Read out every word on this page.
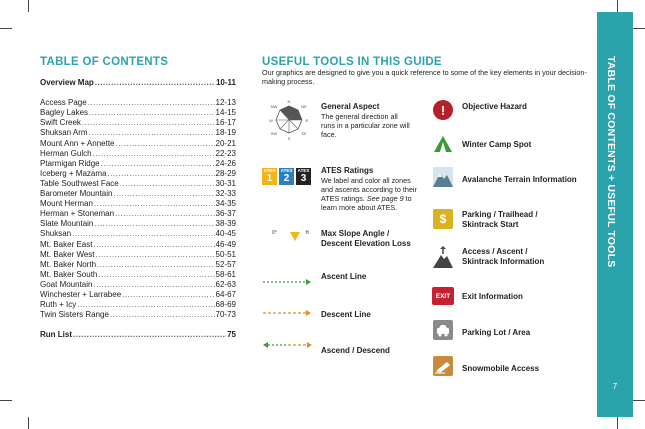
TABLE OF CONTENTS + USEFUL TOOLS
7
TABLE OF CONTENTS
Overview Map .....	10-11
Access Page .....	12-13
Bagley Lakes .....	14-15
Swift Creek .....	16-17
Shuksan Arm .....	18-19
Mount Ann + Annette .....	20-21
Herman Gulch .....	22-23
Ptarmigan Ridge .....	24-26
Iceberg + Mazama .....	28-29
Table Southwest Face .....	30-31
Barometer Mountain .....	32-33
Mount Herman .....	34-35
Herman + Stoneman .....	36-37
Slate Mountain .....	38-39
Shuksan .....	40-45
Mt. Baker East .....	46-49
Mt. Baker West .....	50-51
Mt. Baker North .....	52-57
Mt. Baker South .....	58-61
Goat Mountain .....	62-63
Winchester + Larrabee .....	64-67
Ruth + Icy .....	68-69
Twin Sisters Range .....	70-73
Run List .....	75
USEFUL TOOLS IN THIS GUIDE
Our graphics are designed to give you a quick reference to some of the key elements in your decision-making process.
N
NE
E
SE
S
SW
W
NW	General Aspect
The general direction all runs in a particular zone will face.
ATES
1
ATES
2
ATES
3
ATES Ratings
We label and color all zones and ascents according to their ATES ratings. See page 9 to learn more about ATES.
0°	ft Max Slope Angle /
Descent Elevation Loss
Ascent Line
Descent Line
Ascend / Descend
! Objective Hazard
Winter Camp Spot
Avalanche Terrain Information
$ Parking / Trailhead /
Skintrack Start
Access / Ascent /
Skintrack Information
EXIT Exit Information
Parking Lot / Area
Snowmobile Access
